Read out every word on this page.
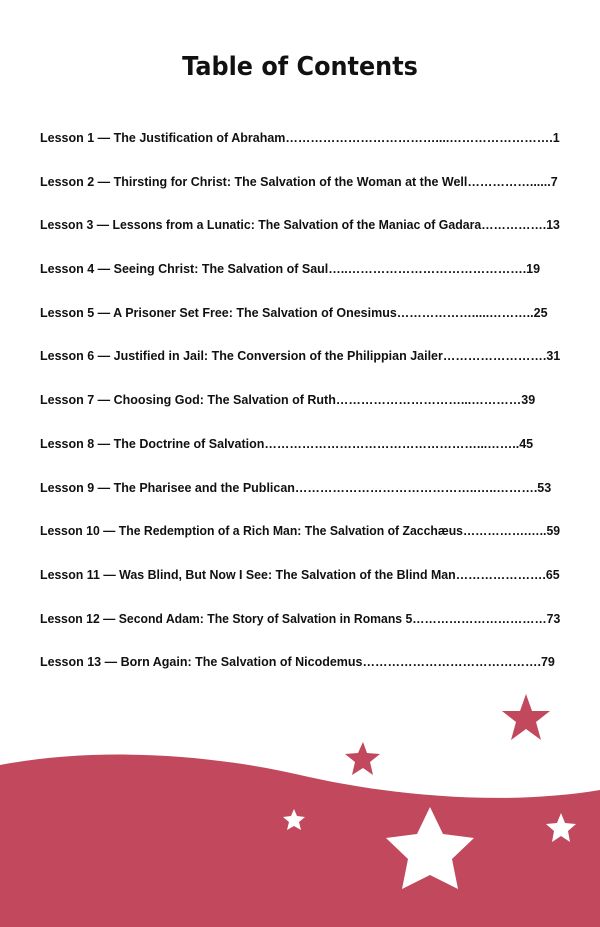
Table of Contents
Lesson 1 — The Justification of Abraham………………………………....…………………….1
Lesson 2 — Thirsting for Christ: The Salvation of the Woman at the Well……………......7
Lesson 3 — Lessons from a Lunatic: The Salvation of the Maniac of Gadara…………….13
Lesson 4 — Seeing Christ: The Salvation of Saul…..…………………………………….19
Lesson 5 — A Prisoner Set Free: The Salvation of Onesimus……………….....………..25
Lesson 6 — Justified in Jail: The Conversion of the Philippian Jailer…………………….31
Lesson 7 — Choosing God: The Salvation of Ruth…………………………...…………39
Lesson 8 — The Doctrine of Salvation……………………………………………...……..45
Lesson 9 — The Pharisee and the Publican……………………………………..…..……….53
Lesson 10 — The Redemption of a Rich Man: The Salvation of Zacchæus…………….…..59
Lesson 11 — Was Blind, But Now I See: The Salvation of the Blind Man………………….65
Lesson 12 — Second Adam: The Story of Salvation in Romans 5……………………………73
Lesson 13 — Born Again: The Salvation of Nicodemus…………………………………….79
